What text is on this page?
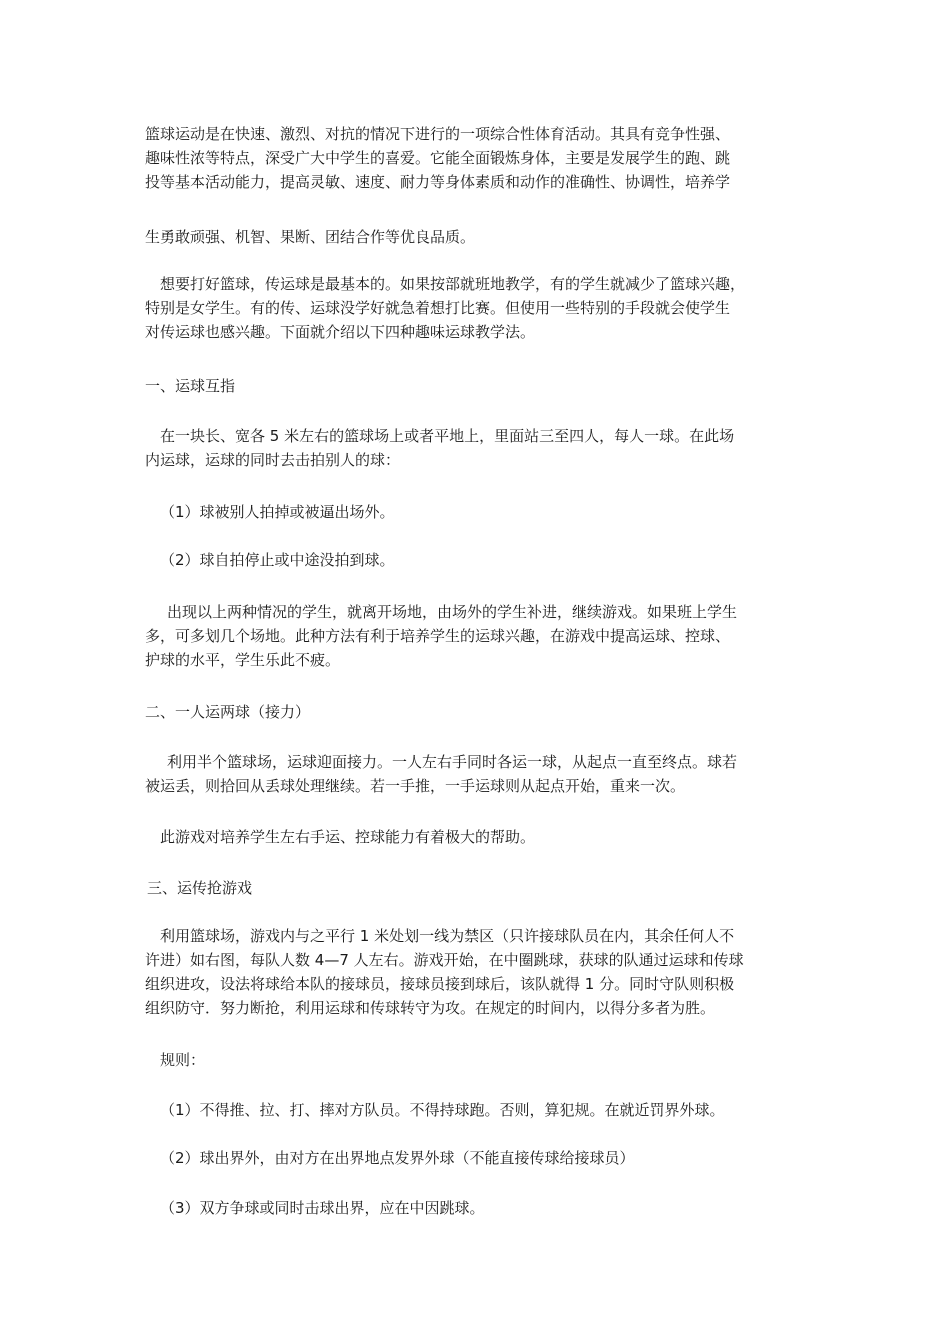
篮球运动是在快速、激烈、对抗的情况下进行的一项综合性体育活动。其具有竞争性强、
趣味性浓等特点，深受广大中学生的喜爱。它能全面锻炼身体，主要是发展学生的跑、跳
投等基本活动能力，提高灵敏、速度、耐力等身体素质和动作的准确性、协调性，培养学

生勇敢顽强、机智、果断、团结合作等优良品质。

想要打好篮球，传运球是最基本的。如果按部就班地教学，有的学生就减少了篮球兴趣，
特别是女学生。有的传、运球没学好就急着想打比赛。但使用一些特别的手段就会使学生
对传运球也感兴趣。下面就介绍以下四种趣味运球教学法。

一、运球互指

在一块长、宽各 5 米左右的篮球场上或者平地上，里面站三至四人，每人一球。在此场
内运球，运球的同时去击拍别人的球：

（1）球被别人拍掉或被逼出场外。

（2）球自拍停止或中途没拍到球。

出现以上两种情况的学生，就离开场地，由场外的学生补进，继续游戏。如果班上学生
多，可多划几个场地。此种方法有利于培养学生的运球兴趣，在游戏中提高运球、控球、
护球的水平，学生乐此不疲。

二、一人运两球（接力）

利用半个篮球场，运球迎面接力。一人左右手同时各运一球，从起点一直至终点。球若
被运丢，则拾回从丢球处理继续。若一手推，一手运球则从起点开始，重来一次。

此游戏对培养学生左右手运、控球能力有着极大的帮助。

三、运传抢游戏

利用篮球场，游戏内与之平行 1 米处划一线为禁区（只许接球队员在内，其余任何人不
许进）如右图，每队人数 4—7 人左右。游戏开始，在中圈跳球，获球的队通过运球和传球
组织进攻，设法将球给本队的接球员，接球员接到球后，该队就得 1 分。同时守队则积极
组织防守．努力断抢，利用运球和传球转守为攻。在规定的时间内，以得分多者为胜。

规则：

（1）不得推、拉、打、摔对方队员。不得持球跑。否则，算犯规。在就近罚界外球。

（2）球出界外，由对方在出界地点发界外球（不能直接传球给接球员）

（3）双方争球或同时击球出界，应在中因跳球。
